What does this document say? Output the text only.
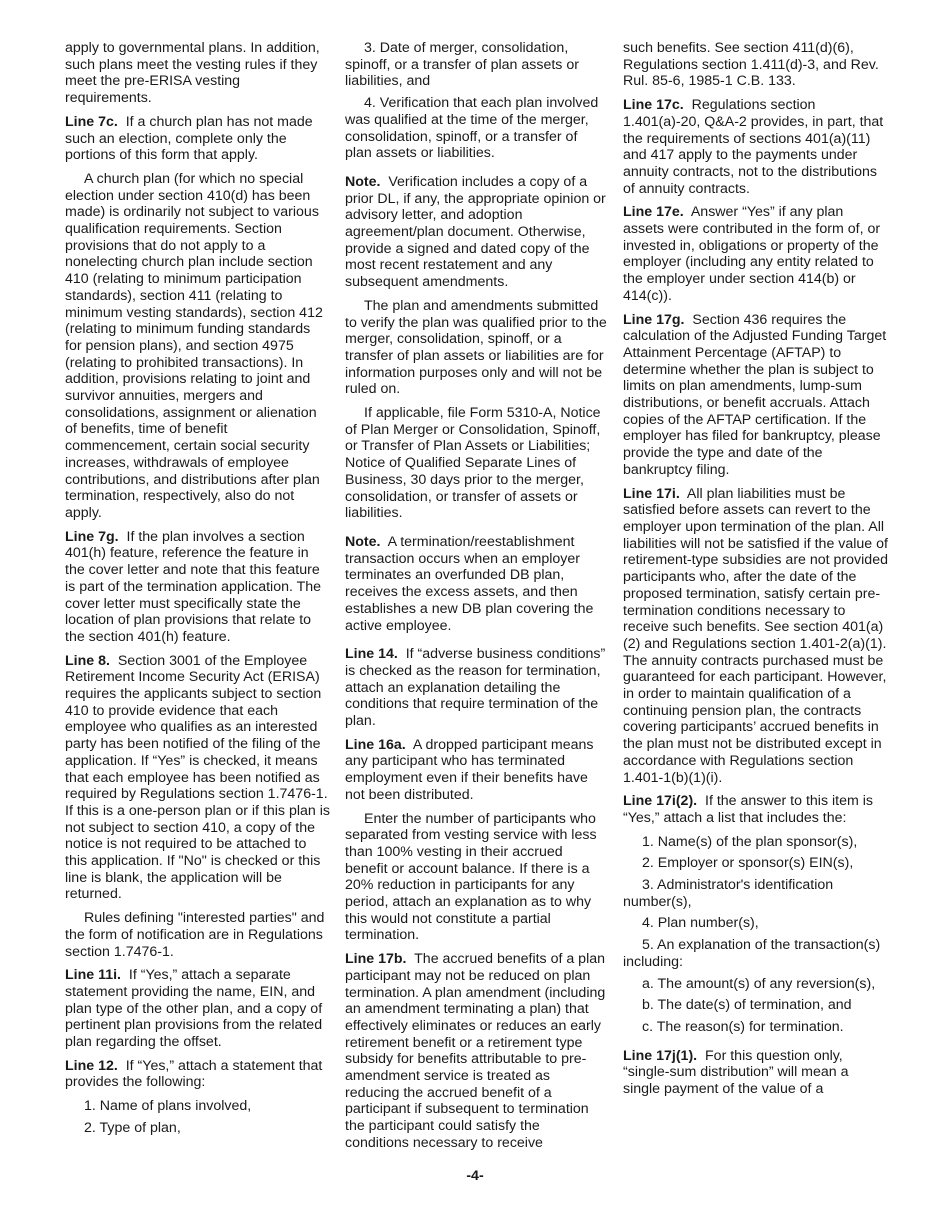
apply to governmental plans. In addition, such plans meet the vesting rules if they meet the pre-ERISA vesting requirements.

Line 7c. If a church plan has not made such an election, complete only the portions of this form that apply.

A church plan (for which no special election under section 410(d) has been made) is ordinarily not subject to various qualification requirements. Section provisions that do not apply to a nonelecting church plan include section 410 (relating to minimum participation standards), section 411 (relating to minimum vesting standards), section 412 (relating to minimum funding standards for pension plans), and section 4975 (relating to prohibited transactions). In addition, provisions relating to joint and survivor annuities, mergers and consolidations, assignment or alienation of benefits, time of benefit commencement, certain social security increases, withdrawals of employee contributions, and distributions after plan termination, respectively, also do not apply.

Line 7g. If the plan involves a section 401(h) feature, reference the feature in the cover letter and note that this feature is part of the termination application. The cover letter must specifically state the location of plan provisions that relate to the section 401(h) feature.

Line 8. Section 3001 of the Employee Retirement Income Security Act (ERISA) requires the applicants subject to section 410 to provide evidence that each employee who qualifies as an interested party has been notified of the filing of the application. If “Yes” is checked, it means that each employee has been notified as required by Regulations section 1.7476-1. If this is a one-person plan or if this plan is not subject to section 410, a copy of the notice is not required to be attached to this application. If "No" is checked or this line is blank, the application will be returned.

Rules defining "interested parties" and the form of notification are in Regulations section 1.7476-1.

Line 11i. If “Yes,” attach a separate statement providing the name, EIN, and plan type of the other plan, and a copy of pertinent plan provisions from the related plan regarding the offset.

Line 12. If “Yes,” attach a statement that provides the following:

1. Name of plans involved,

2. Type of plan,

3. Date of merger, consolidation, spinoff, or a transfer of plan assets or liabilities, and

4. Verification that each plan involved was qualified at the time of the merger, consolidation, spinoff, or a transfer of plan assets or liabilities.

Note. Verification includes a copy of a prior DL, if any, the appropriate opinion or advisory letter, and adoption agreement/plan document. Otherwise, provide a signed and dated copy of the most recent restatement and any subsequent amendments.

The plan and amendments submitted to verify the plan was qualified prior to the merger, consolidation, spinoff, or a transfer of plan assets or liabilities are for information purposes only and will not be ruled on.

If applicable, file Form 5310-A, Notice of Plan Merger or Consolidation, Spinoff, or Transfer of Plan Assets or Liabilities; Notice of Qualified Separate Lines of Business, 30 days prior to the merger, consolidation, or transfer of assets or liabilities.

Note. A termination/reestablishment transaction occurs when an employer terminates an overfunded DB plan, receives the excess assets, and then establishes a new DB plan covering the active employee.

Line 14. If “adverse business conditions” is checked as the reason for termination, attach an explanation detailing the conditions that require termination of the plan.

Line 16a. A dropped participant means any participant who has terminated employment even if their benefits have not been distributed.

Enter the number of participants who separated from vesting service with less than 100% vesting in their accrued benefit or account balance. If there is a 20% reduction in participants for any period, attach an explanation as to why this would not constitute a partial termination.

Line 17b. The accrued benefits of a plan participant may not be reduced on plan termination. A plan amendment (including an amendment terminating a plan) that effectively eliminates or reduces an early retirement benefit or a retirement type subsidy for benefits attributable to pre-amendment service is treated as reducing the accrued benefit of a participant if subsequent to termination the participant could satisfy the conditions necessary to receive

such benefits. See section 411(d)(6), Regulations section 1.411(d)-3, and Rev. Rul. 85-6, 1985-1 C.B. 133.

Line 17c. Regulations section 1.401(a)-20, Q&A-2 provides, in part, that the requirements of sections 401(a)(11) and 417 apply to the payments under annuity contracts, not to the distributions of annuity contracts.

Line 17e. Answer “Yes” if any plan assets were contributed in the form of, or invested in, obligations or property of the employer (including any entity related to the employer under section 414(b) or 414(c)).

Line 17g. Section 436 requires the calculation of the Adjusted Funding Target Attainment Percentage (AFTAP) to determine whether the plan is subject to limits on plan amendments, lump-sum distributions, or benefit accruals. Attach copies of the AFTAP certification. If the employer has filed for bankruptcy, please provide the type and date of the bankruptcy filing.

Line 17i. All plan liabilities must be satisfied before assets can revert to the employer upon termination of the plan. All liabilities will not be satisfied if the value of retirement-type subsidies are not provided participants who, after the date of the proposed termination, satisfy certain pre-termination conditions necessary to receive such benefits. See section 401(a)(2) and Regulations section 1.401-2(a)(1). The annuity contracts purchased must be guaranteed for each participant. However, in order to maintain qualification of a continuing pension plan, the contracts covering participants’ accrued benefits in the plan must not be distributed except in accordance with Regulations section 1.401-1(b)(1)(i).

Line 17i(2). If the answer to this item is “Yes,” attach a list that includes the:

1. Name(s) of the plan sponsor(s),

2. Employer or sponsor(s) EIN(s),

3. Administrator's identification number(s),

4. Plan number(s),

5. An explanation of the transaction(s) including:

a. The amount(s) of any reversion(s),

b. The date(s) of termination, and

c. The reason(s) for termination.

Line 17j(1). For this question only, “single-sum distribution” will mean a single payment of the value of a

-4-
